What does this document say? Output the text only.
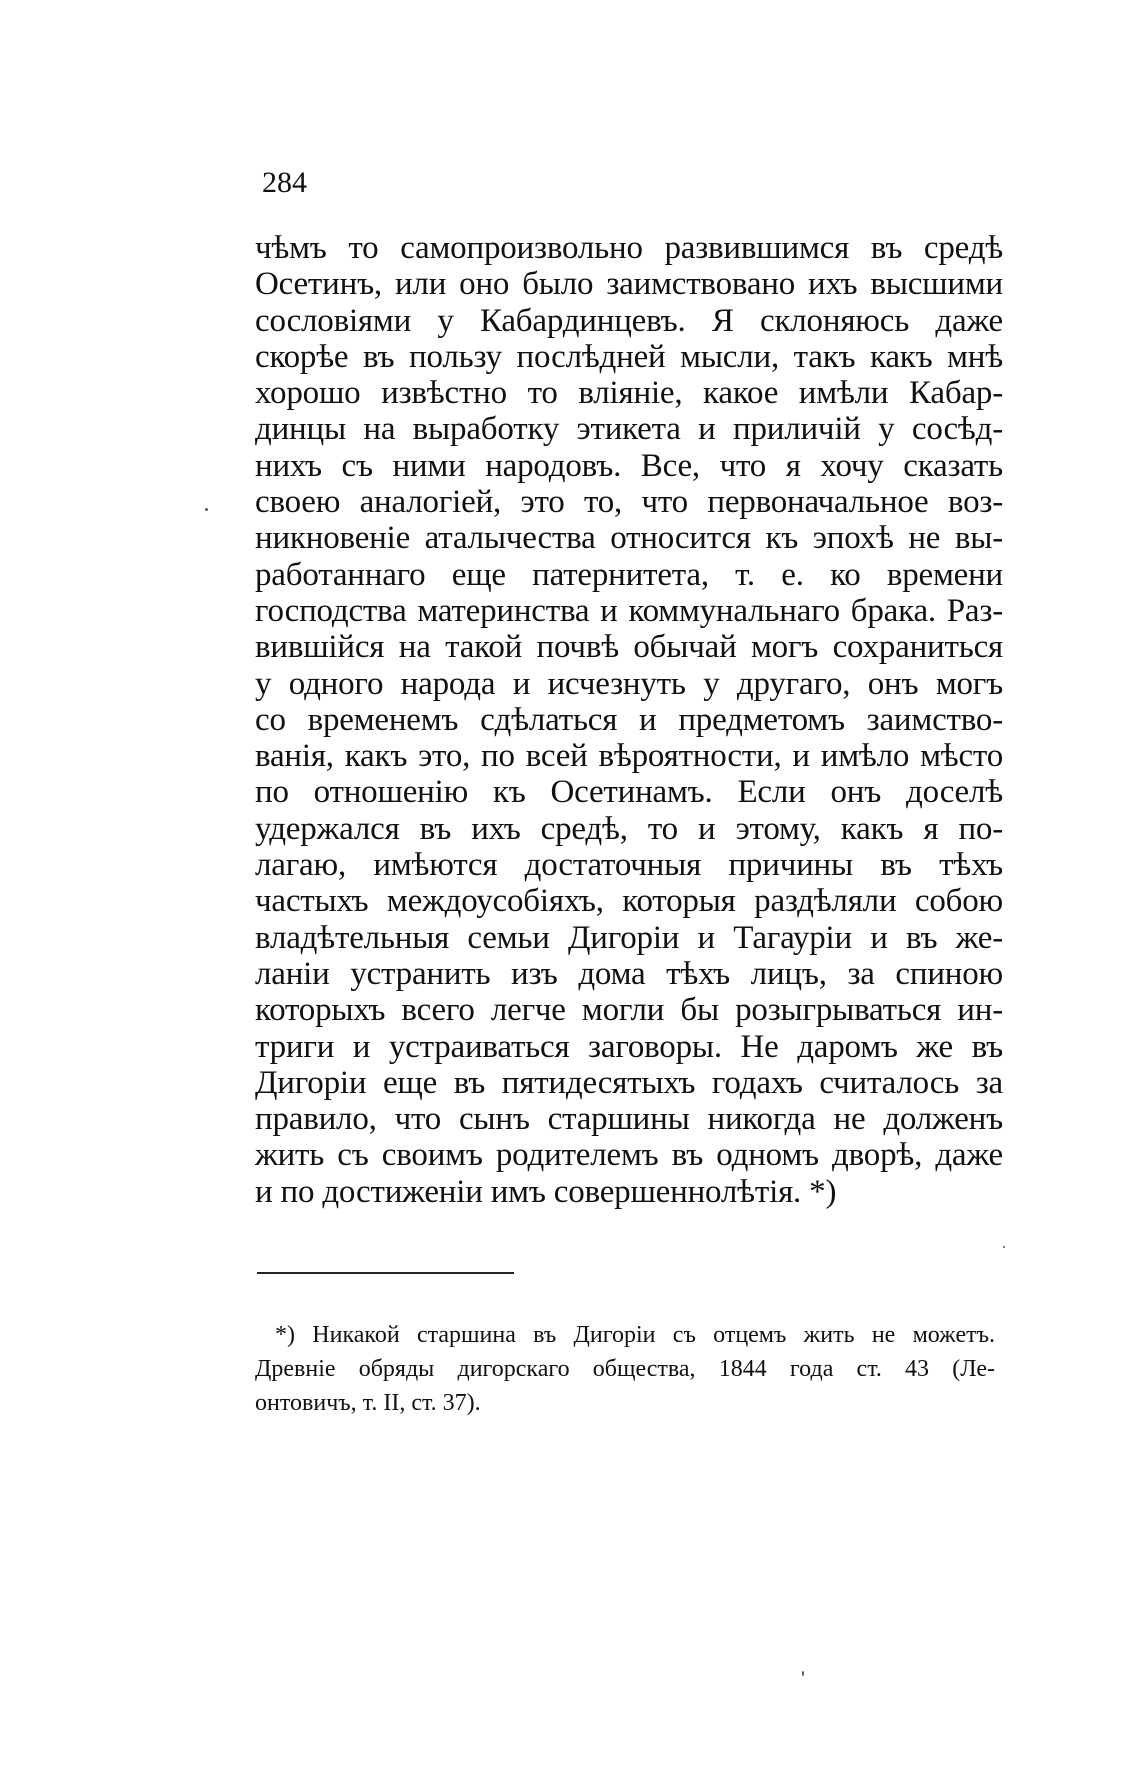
284
чѣмъ то самопроизвольно развившимся въ средѣ
Осетинъ, или оно было заимствовано ихъ высшими
сословіями у Кабардинцевъ. Я склоняюсь даже
скорѣе въ пользу послѣдней мысли, такъ какъ мнѣ
хорошо извѣстно то вліяніе, какое имѣли Кабар-
динцы на выработку этикета и приличій у сосѣд-
нихъ съ ними народовъ. Все, что я хочу сказать
своею аналогіей, это то, что первоначальное воз-
никновеніе аталычества относится къ эпохѣ не вы-
работаннаго еще патернитета, т. е. ко времени
господства материнства и коммунальнаго брака. Раз-
вившійся на такой почвѣ обычай могъ сохраниться
у одного народа и исчезнуть у другаго, онъ могъ
со временемъ сдѣлаться и предметомъ заимство-
ванія, какъ это, по всей вѣроятности, и имѣло мѣсто
по отношенію къ Осетинамъ. Если онъ доселѣ
удержался въ ихъ средѣ, то и этому, какъ я по-
лагаю, имѣются достаточныя причины въ тѣхъ
частыхъ междоусобіяхъ, которыя раздѣляли собою
владѣтельныя семьи Дигоріи и Тагауріи и въ же-
ланіи устранить изъ дома тѣхъ лицъ, за спиною
которыхъ всего легче могли бы розыгрываться ин-
триги и устраиваться заговоры. Не даромъ же въ
Дигоріи еще въ пятидесятыхъ годахъ считалось за
правило, что сынъ старшины никогда не долженъ
жить съ своимъ родителемъ въ одномъ дворѣ, даже
и по достиженіи имъ совершеннолѣтія. *)
*) Никакой старшина въ Дигоріи съ отцемъ жить не можетъ.
Древніе обряды дигорскаго общества, 1844 года ст. 43 (Ле-
онтовичъ, т. II, ст. 37).
